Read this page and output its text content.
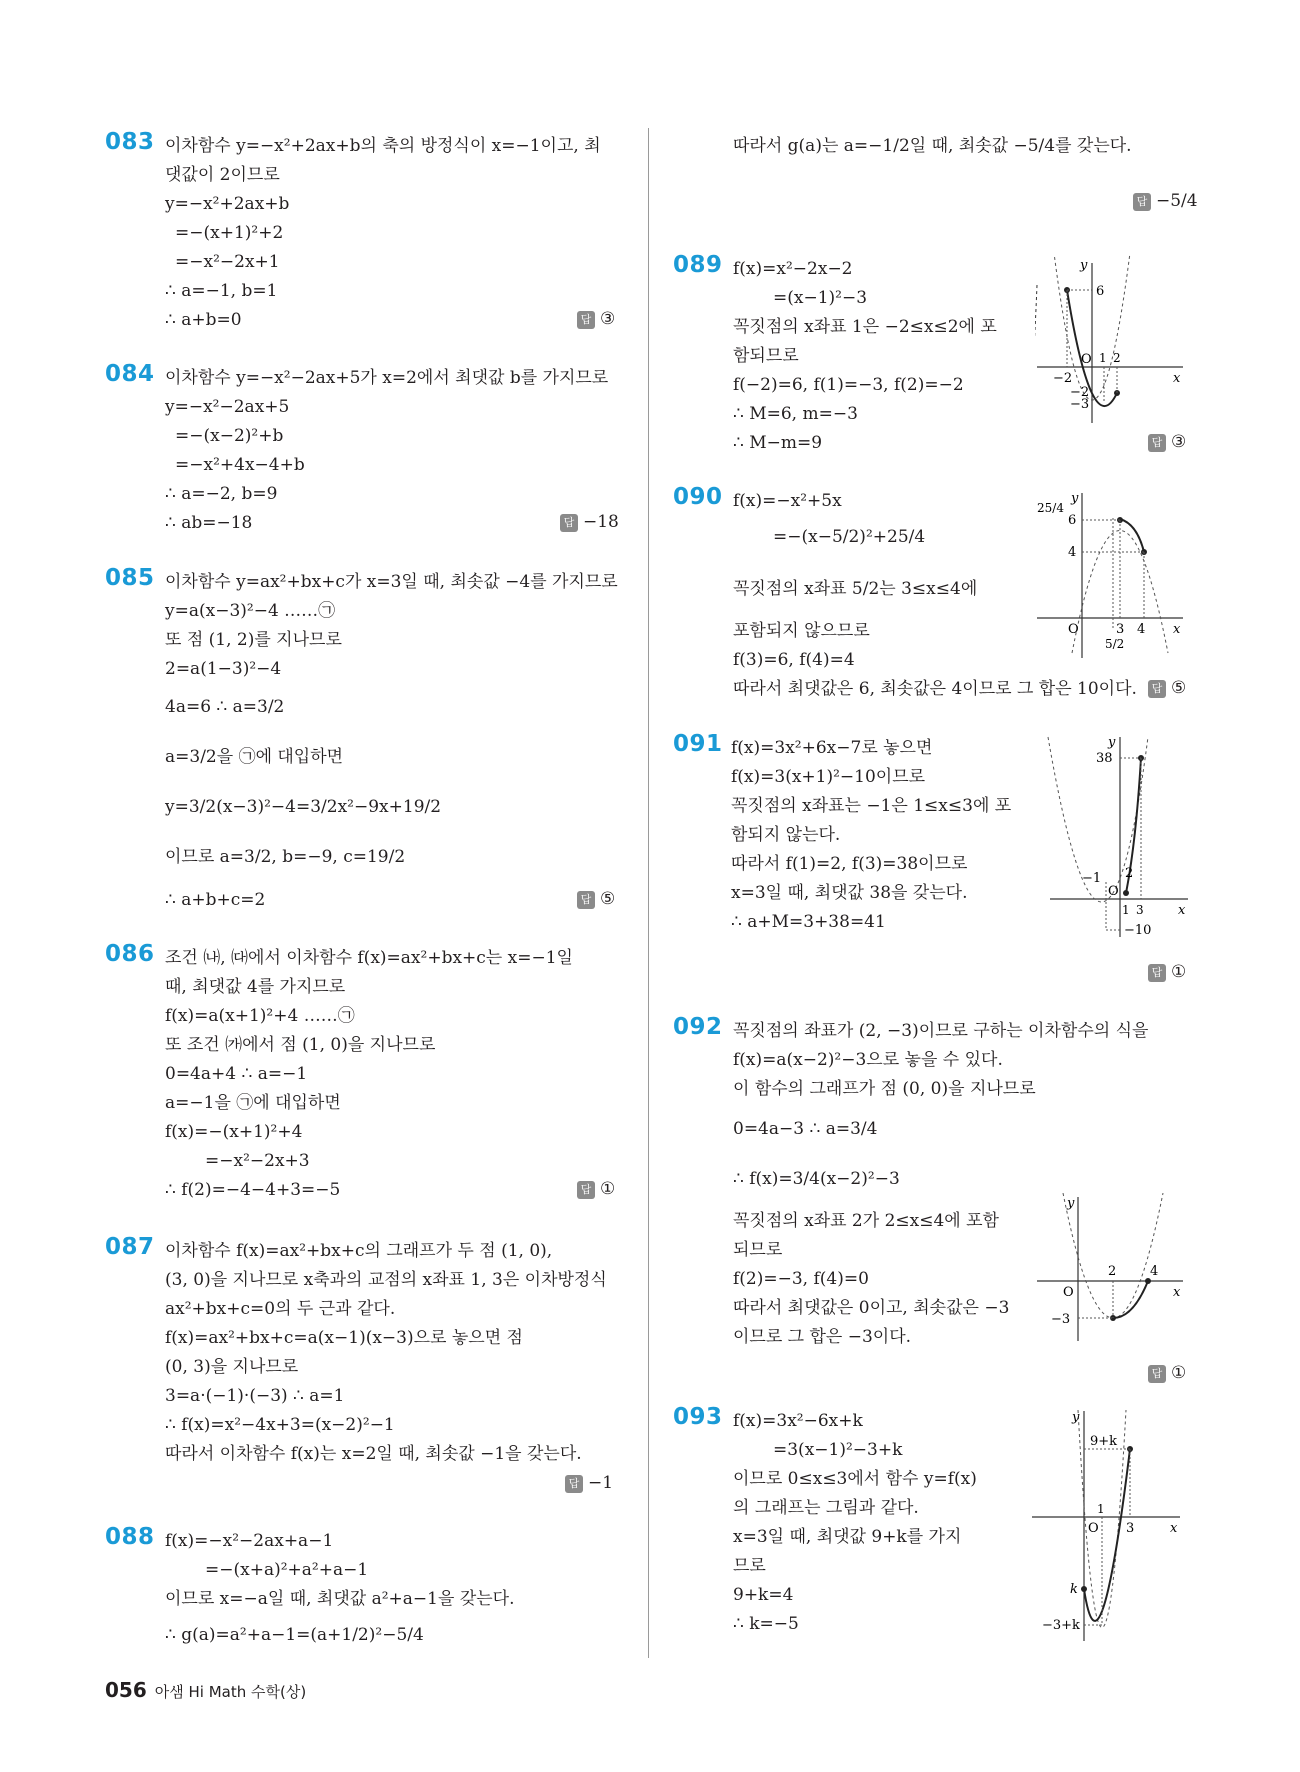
083 이차함수 y=−x²+2ax+b의 축의 방정식이 x=−1이고, 최
댓값이 2이므로
y=−x²+2ax+b
=−(x+1)²+2
=−x²−2x+1
∴ a=−1, b=1
∴ a+b=0	답 ③
084 이차함수 y=−x²−2ax+5가 x=2에서 최댓값 b를 가지므로
y=−x²−2ax+5
=−(x−2)²+b
=−x²+4x−4+b
∴ a=−2, b=9
∴ ab=−18	답 −18
085 이차함수 y=ax²+bx+c가 x=3일 때, 최솟값 −4를 가지므로
y=a(x−3)²−4 ……㉠
또 점 (1, 2)를 지나므로
2=a(1−3)²−4
4a=6 ∴ a=3/2
a=3/2을 ㉠에 대입하면
y=3/2(x−3)²−4=3/2x²−9x+19/2
이므로 a=3/2, b=−9, c=19/2
∴ a+b+c=2	답 ⑤
086 조건 ㈏, ㈐에서 이차함수 f(x)=ax²+bx+c는 x=−1일
때, 최댓값 4를 가지므로
f(x)=a(x+1)²+4 ……㉠
또 조건 ㈎에서 점 (1, 0)을 지나므로
0=4a+4 ∴ a=−1
a=−1을 ㉠에 대입하면
f(x)=−(x+1)²+4
=−x²−2x+3
∴ f(2)=−4−4+3=−5	답 ①
087 이차함수 f(x)=ax²+bx+c의 그래프가 두 점 (1, 0),
(3, 0)을 지나므로 x축과의 교점의 x좌표 1, 3은 이차방정식
ax²+bx+c=0의 두 근과 같다.
f(x)=ax²+bx+c=a(x−1)(x−3)으로 놓으면 점
(0, 3)을 지나므로
3=a·(−1)·(−3) ∴ a=1
∴ f(x)=x²−4x+3=(x−2)²−1
따라서 이차함수 f(x)는 x=2일 때, 최솟값 −1을 갖는다.
답 −1
088 f(x)=−x²−2ax+a−1
=−(x+a)²+a²+a−1
이므로 x=−a일 때, 최댓값 a²+a−1을 갖는다.
∴ g(a)=a²+a−1=(a+1/2)²−5/4
따라서 g(a)는 a=−1/2일 때, 최솟값 −5/4를 갖는다.
답 −5/4
089 f(x)=x²−2x−2
=(x−1)²−3
꼭짓점의 x좌표 1은 −2≤x≤2에 포
함되므로
f(−2)=6, f(1)=−3, f(2)=−2
∴ M=6, m=−3
∴ M−m=9	답 ③
y
x
O
6
−2
1 2
−2
−3
090 f(x)=−x²+5x
=−(x−5/2)²+25/4
꼭짓점의 x좌표 5/2는 3≤x≤4에
포함되지 않으므로
f(3)=6, f(4)=4
따라서 최댓값은 6, 최솟값은 4이므로 그 합은 10이다.	답 ⑤
y
x
O
25/4
6
4
3 4
5/2
091 f(x)=3x²+6x−7로 놓으면
f(x)=3(x+1)²−10이므로
꼭짓점의 x좌표는 −1은 1≤x≤3에 포
함되지 않는다.
따라서 f(1)=2, f(3)=38이므로
x=3일 때, 최댓값 38을 갖는다.
∴ a+M=3+38=41
답 ①
y
x
O
38
2
−10
−1
1 3
092 꼭짓점의 좌표가 (2, −3)이므로 구하는 이차함수의 식을
f(x)=a(x−2)²−3으로 놓을 수 있다.
이 함수의 그래프가 점 (0, 0)을 지나므로
0=4a−3 ∴ a=3/4
∴ f(x)=3/4(x−2)²−3
꼭짓점의 x좌표 2가 2≤x≤4에 포함
되므로
f(2)=−3, f(4)=0
따라서 최댓값은 0이고, 최솟값은 −3
이므로 그 합은 −3이다.
답 ①
y
x
O
2	4
−3
093 f(x)=3x²−6x+k
=3(x−1)²−3+k
이므로 0≤x≤3에서 함수 y=f(x)
의 그래프는 그림과 같다.
x=3일 때, 최댓값 9+k를 가지
므로
9+k=4
∴ k=−5
y
x
O
9+k
1
3
k
−3+k
056 아샘 Hi Math 수학(상)
